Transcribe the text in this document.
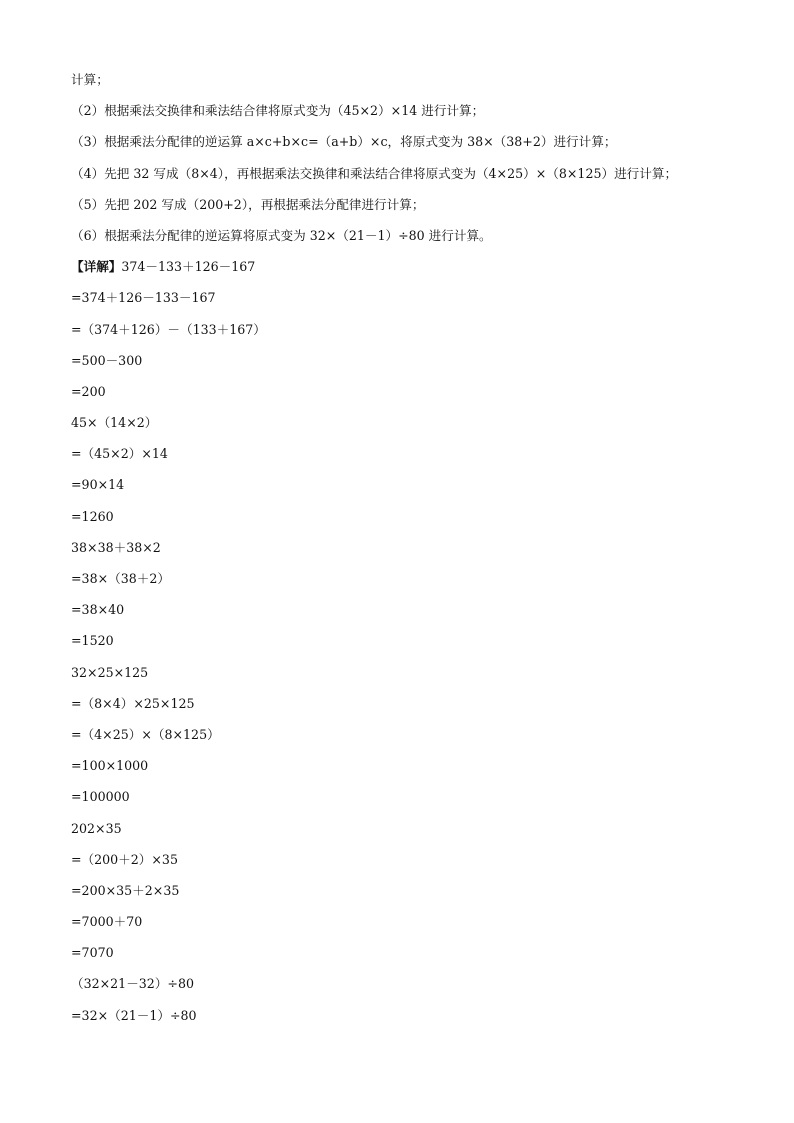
计算；
（2）根据乘法交换律和乘法结合律将原式变为（45×2）×14 进行计算；
（3）根据乘法分配律的逆运算 a×c+b×c=（a+b）×c，将原式变为 38×（38+2）进行计算；
（4）先把 32 写成（8×4），再根据乘法交换律和乘法结合律将原式变为（4×25）×（8×125）进行计算；
（5）先把 202 写成（200+2），再根据乘法分配律进行计算；
（6）根据乘法分配律的逆运算将原式变为 32×（21－1）÷80 进行计算。
【详解】374－133＋126－167
=374＋126－133－167
=（374＋126）－（133＋167）
=500－300
=200
45×（14×2）
=（45×2）×14
=90×14
=1260
38×38＋38×2
=38×（38＋2）
=38×40
=1520
32×25×125
=（8×4）×25×125
=（4×25）×（8×125）
=100×1000
=100000
202×35
=（200＋2）×35
=200×35＋2×35
=7000＋70
=7070
（32×21－32）÷80
=32×（21－1）÷80
